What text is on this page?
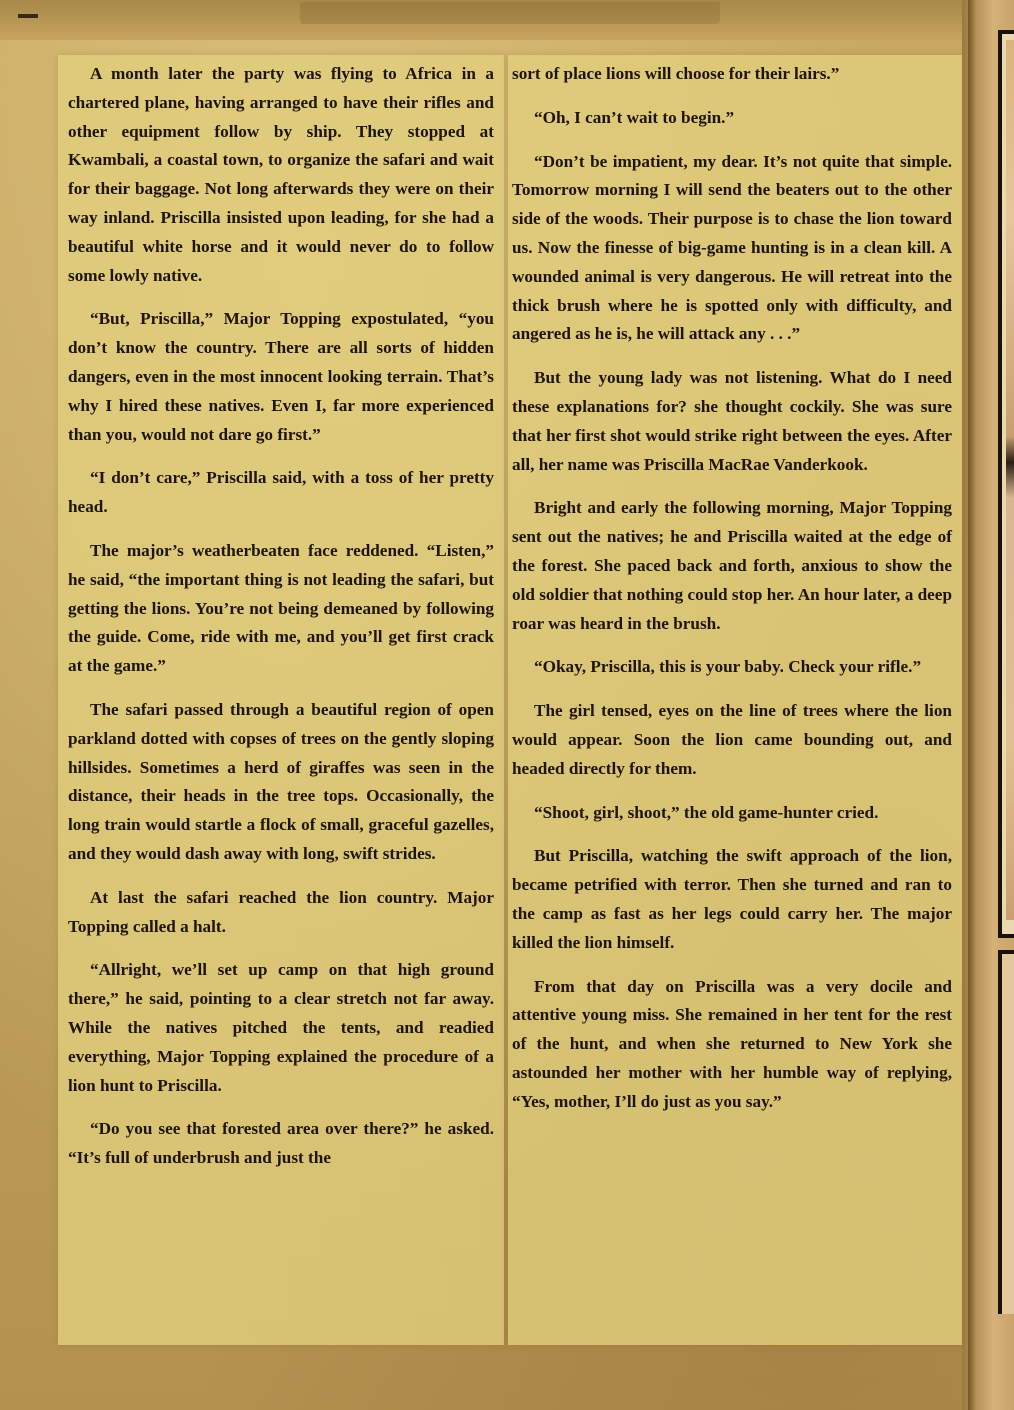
A month later the party was flying to Africa in a chartered plane, having arranged to have their rifles and other equipment follow by ship. They stopped at Kwambali, a coastal town, to organize the safari and wait for their baggage. Not long afterwards they were on their way inland. Priscilla insisted upon leading, for she had a beautiful white horse and it would never do to follow some lowly native.

“But, Priscilla,” Major Topping expostulated, “you don’t know the country. There are all sorts of hidden dangers, even in the most innocent looking terrain. That’s why I hired these natives. Even I, far more experienced than you, would not dare go first.”

“I don’t care,” Priscilla said, with a toss of her pretty head.

The major’s weatherbeaten face reddened. “Listen,” he said, “the important thing is not leading the safari, but getting the lions. You’re not being demeaned by following the guide. Come, ride with me, and you’ll get first crack at the game.”

The safari passed through a beautiful region of open parkland dotted with copses of trees on the gently sloping hillsides. Sometimes a herd of giraffes was seen in the distance, their heads in the tree tops. Occasionally, the long train would startle a flock of small, graceful gazelles, and they would dash away with long, swift strides.

At last the safari reached the lion country. Major Topping called a halt.

“Allright, we’ll set up camp on that high ground there,” he said, pointing to a clear stretch not far away. While the natives pitched the tents, and readied everything, Major Topping explained the procedure of a lion hunt to Priscilla.

“Do you see that forested area over there?” he asked. “It’s full of underbrush and just the

sort of place lions will choose for their lairs.”

“Oh, I can’t wait to begin.”

“Don’t be impatient, my dear. It’s not quite that simple. Tomorrow morning I will send the beaters out to the other side of the woods. Their purpose is to chase the lion toward us. Now the finesse of big-game hunting is in a clean kill. A wounded animal is very dangerous. He will retreat into the thick brush where he is spotted only with difficulty, and angered as he is, he will attack any . . .”

But the young lady was not listening. What do I need these explanations for? she thought cockily. She was sure that her first shot would strike right between the eyes. After all, her name was Priscilla MacRae Vanderkook.

Bright and early the following morning, Major Topping sent out the natives; he and Priscilla waited at the edge of the forest. She paced back and forth, anxious to show the old soldier that nothing could stop her. An hour later, a deep roar was heard in the brush.

“Okay, Priscilla, this is your baby. Check your rifle.”

The girl tensed, eyes on the line of trees where the lion would appear. Soon the lion came bounding out, and headed directly for them.

“Shoot, girl, shoot,” the old game-hunter cried.

But Priscilla, watching the swift approach of the lion, became petrified with terror. Then she turned and ran to the camp as fast as her legs could carry her. The major killed the lion himself.

From that day on Priscilla was a very docile and attentive young miss. She remained in her tent for the rest of the hunt, and when she returned to New York she astounded her mother with her humble way of replying, “Yes, mother, I’ll do just as you say.”
